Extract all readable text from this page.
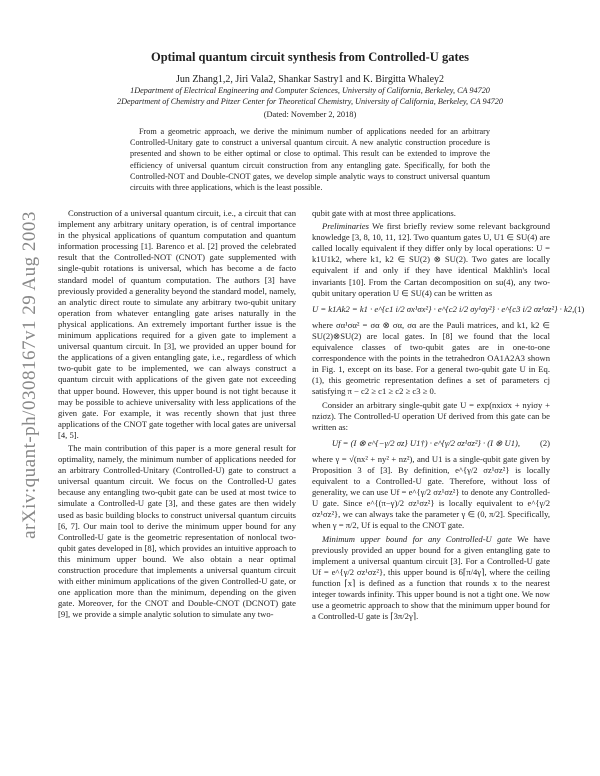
arXiv:quant-ph/0308167v1 29 Aug 2003
Optimal quantum circuit synthesis from Controlled-U gates
Jun Zhang1,2, Jiri Vala2, Shankar Sastry1 and K. Birgitta Whaley2
1Department of Electrical Engineering and Computer Sciences, University of California, Berkeley, CA 94720
2Department of Chemistry and Pitzer Center for Theoretical Chemistry, University of California, Berkeley, CA 94720
(Dated: November 2, 2018)

From a geometric approach, we derive the minimum number of applications needed for an arbitrary Controlled-Unitary gate to construct a universal quantum circuit. A new analytic construction procedure is presented and shown to be either optimal or close to optimal. This result can be extended to improve the efficiency of universal quantum circuit construction from any entangling gate. Specifically, for both the Controlled-NOT and Double-CNOT gates, we develop simple analytic ways to construct universal quantum circuits with three applications, which is the least possible.

Construction of a universal quantum circuit, i.e., a circuit that can implement any arbitrary unitary operation, is of central importance in the physical applications of quantum computation and quantum information processing [1]. Barenco et al. [2] proved the celebrated result that the Controlled-NOT (CNOT) gate supplemented with single-qubit rotations is universal, which has become a de facto standard model of quantum computation. The authors [3] have previously provided a generality beyond the standard model, namely, an analytic direct route to simulate any arbitrary two-qubit unitary operation from whatever entangling gate arises naturally in the physical applications. An extremely important further issue is the minimum applications required for a given gate to implement a universal quantum circuit. In [3], we provided an upper bound for the applications of a given entangling gate, i.e., regardless of which two-qubit gate to be implemented, we can always construct a quantum circuit with applications of the given gate not exceeding that upper bound. However, this upper bound is not tight because it may be possible to achieve universality with less applications of the given gate. For example, it was recently shown that just three applications of the CNOT gate together with local gates are universal [4, 5].

The main contribution of this paper is a more general result for optimality, namely, the minimum number of applications needed for an arbitrary Controlled-Unitary (Controlled-U) gate to construct a universal quantum circuit. We focus on the Controlled-U gates because any entangling two-qubit gate can be used at most twice to simulate a Controlled-U gate [3], and these gates are then widely used as basic building blocks to construct universal quantum circuits [6, 7]. Our main tool to derive the minimum upper bound for any Controlled-U gate is the geometric representation of nonlocal two-qubit gates developed in [8], which provides an intuitive approach to this minimum upper bound. We also obtain a near optimal construction procedure that implements a universal quantum circuit with either minimum applications of the given Controlled-U gate, or one application more than the minimum, depending on the given gate. Moreover, for the CNOT and Double-CNOT (DCNOT) gate [9], we provide a simple analytic solution to simulate any two-

qubit gate with at most three applications.

Preliminaries We first briefly review some relevant background knowledge [3, 8, 10, 11, 12]. Two quantum gates U, U1 ∈ SU(4) are called locally equivalent if they differ only by local operations: U = k1U1k2, where k1, k2 ∈ SU(2) ⊗ SU(2). Two gates are locally equivalent if and only if they have identical Makhlin's local invariants [10]. From the Cartan decomposition on su(4), any two-qubit unitary operation U ∈ SU(4) can be written as

U = k1Ak2 = k1 · e^{c1 i/2 σx¹σx²} · e^{c2 i/2 σy¹σy²} · e^{c3 i/2 σz¹σz²} · k2, (1)

where σα¹σα² = σα ⊗ σα, σα are the Pauli matrices, and k1, k2 ∈ SU(2)⊗SU(2) are local gates. In [8] we found that the local equivalence classes of two-qubit gates are in one-to-one correspondence with the points in the tetrahedron OA1A2A3 shown in Fig. 1, except on its base. For a general two-qubit gate U in Eq. (1), this geometric representation defines a set of parameters cj satisfying π − c2 ≥ c1 ≥ c2 ≥ c3 ≥ 0.

Consider an arbitrary single-qubit gate U = exp(nxiσx + nyiσy + nziσz). The Controlled-U operation Uf derived from this gate can be written as:

Uf = (I ⊗ e^{−γ/2 σz} U1†) · e^{γ/2 σz¹σz²} · (I ⊗ U1),	(2)

where γ = √(nx² + ny² + nz²), and U1 is a single-qubit gate given by Proposition 3 of [3]. By definition, e^{γ/2 σz¹σz²} is locally equivalent to a Controlled-U gate. Therefore, without loss of generality, we can use Uf = e^{γ/2 σz¹σz²} to denote any Controlled-U gate. Since e^{(π−γ)/2 σz¹σz²} is locally equivalent to e^{γ/2 σz¹σz²}, we can always take the parameter γ ∈ (0, π/2]. Specifically, when γ = π/2, Uf is equal to the CNOT gate.

Minimum upper bound for any Controlled-U gate We have previously provided an upper bound for a given entangling gate to implement a universal quantum circuit [3]. For a Controlled-U gate Uf = e^{γ/2 σz¹σz²}, this upper bound is 6⌈π/4γ⌉, where the ceiling function ⌈x⌉ is defined as a function that rounds x to the nearest integer towards infinity. This upper bound is not a tight one. We now use a geometric approach to show that the minimum upper bound for a Controlled-U gate is ⌈3π/2γ⌉.
